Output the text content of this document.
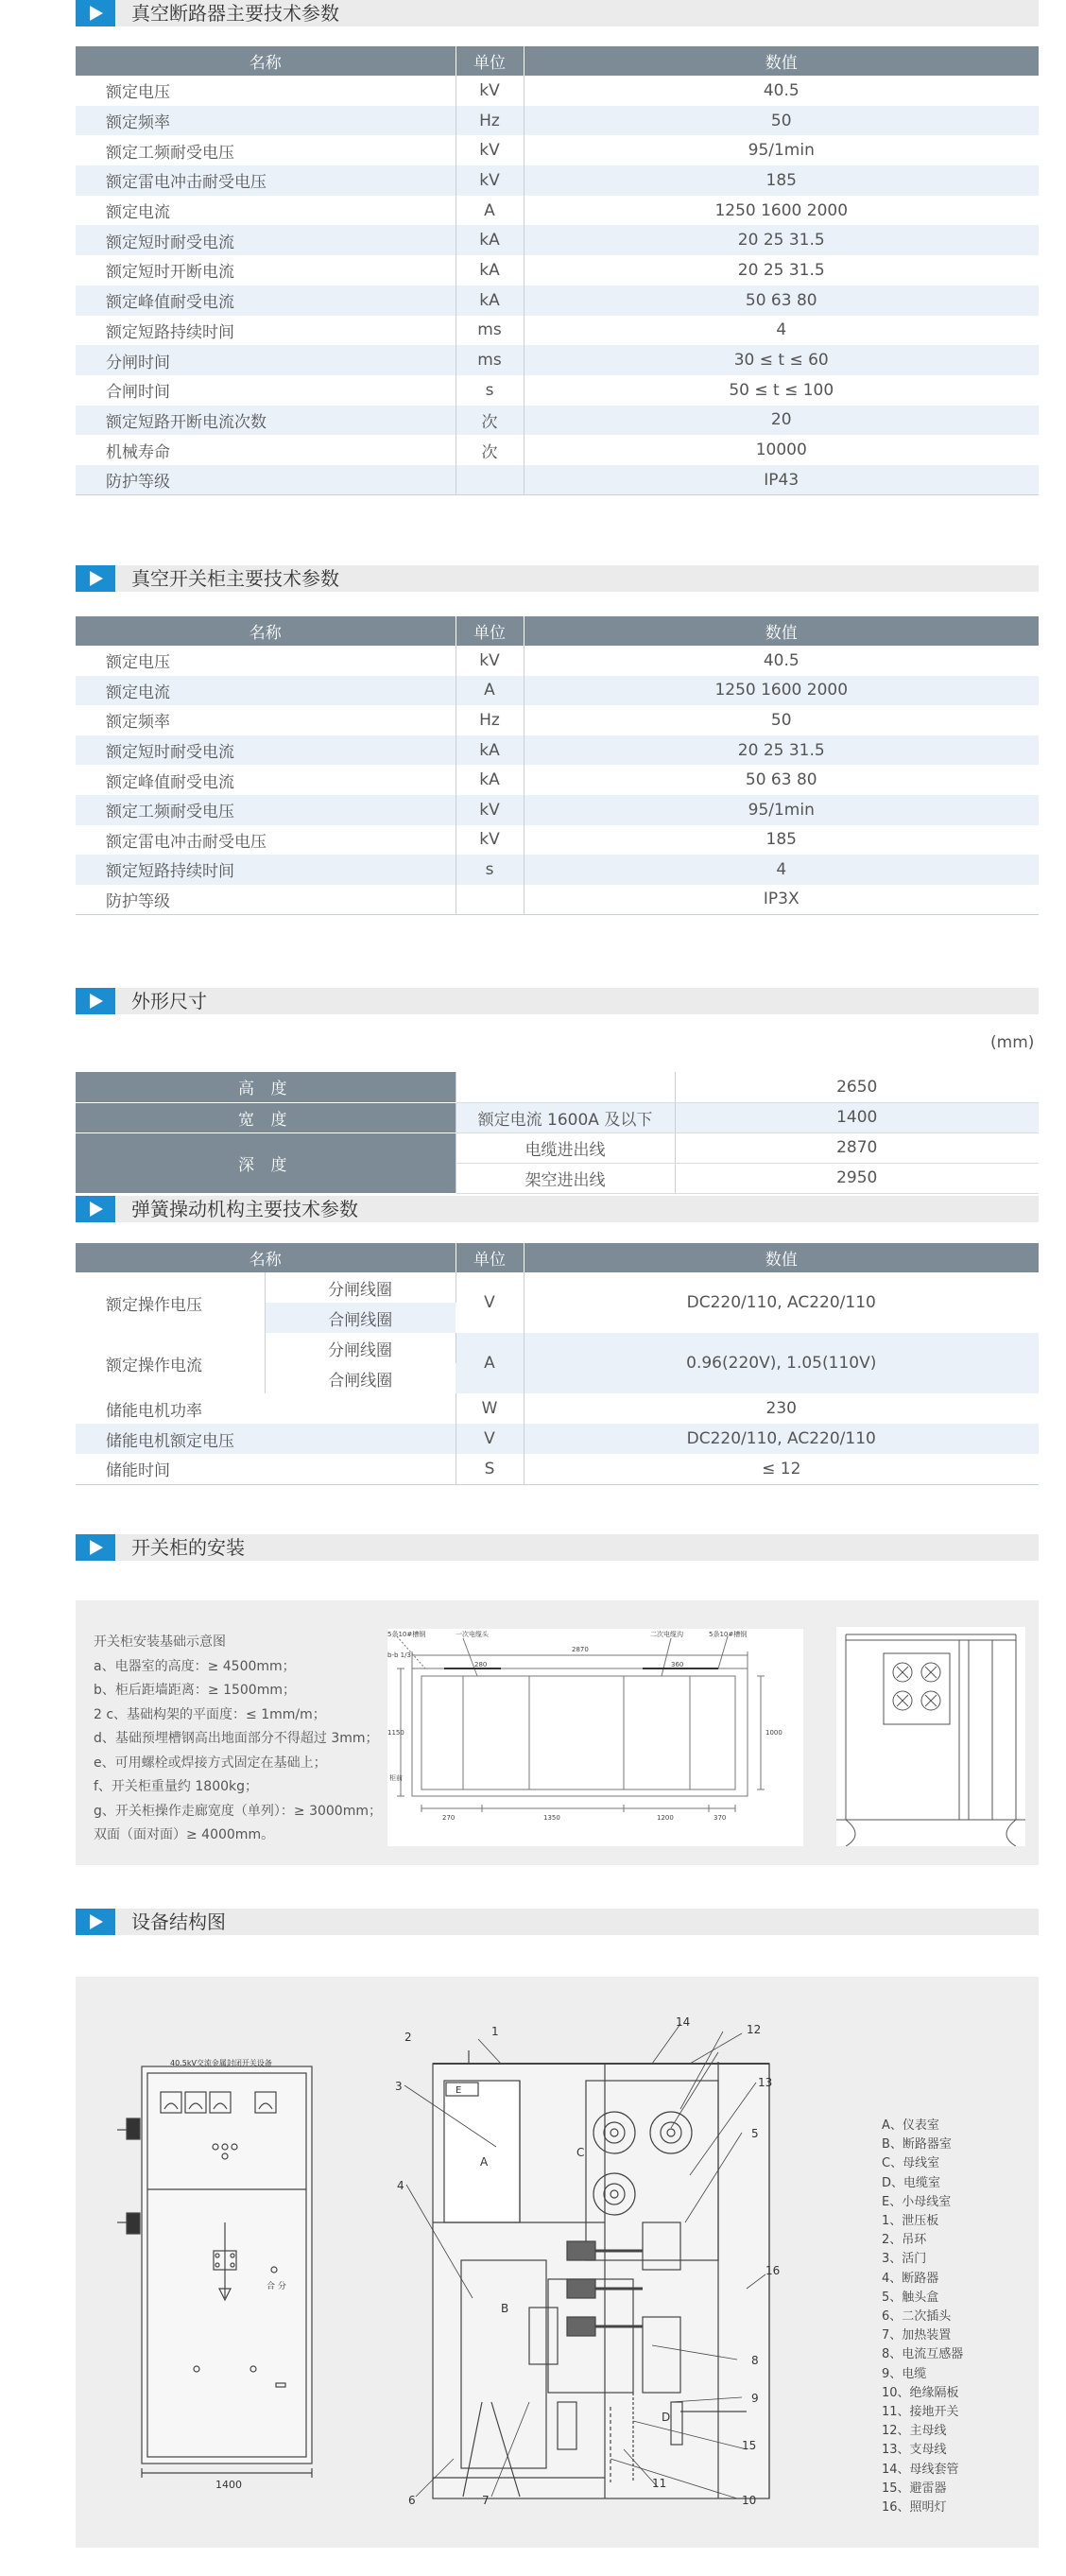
真空断路器主要技术参数
名称	单位	数值
额定电压	kV	40.5
额定频率	Hz	50
额定工频耐受电压	kV	95/1min
额定雷电冲击耐受电压	kV	185
额定电流	A	1250 1600 2000
额定短时耐受电流	kA	20 25 31.5
额定短时开断电流	kA	20 25 31.5
额定峰值耐受电流	kA	50 63 80
额定短路持续时间	ms	4
分闸时间	ms	30 ≤ t ≤ 60
合闸时间	s	50 ≤ t ≤ 100
额定短路开断电流次数	次	20
机械寿命	次	10000
防护等级		IP43
真空开关柜主要技术参数
名称	单位	数值
额定电压	kV	40.5
额定电流	A	1250 1600 2000
额定频率	Hz	50
额定短时耐受电流	kA	20 25 31.5
额定峰值耐受电流	kA	50 63 80
额定工频耐受电压	kV	95/1min
额定雷电冲击耐受电压	kV	185
额定短路持续时间	s	4
防护等级		IP3X
外形尺寸
(mm)
高 度		2650
宽 度	额定电流 1600A 及以下	1400
深 度	电缆进出线	2870
	架空进出线	2950
弹簧操动机构主要技术参数
名称		单位	数值
额定操作电压	分闸线圈	V	DC220/110, AC220/110
	合闸线圈		
额定操作电流	分闸线圈	A	0.96(220V), 1.05(110V)
	合闸线圈		
储能电机功率		W	230
储能电机额定电压		V	DC220/110, AC220/110
储能时间		S	≤ 12
开关柜的安装
开关柜安装基础示意图
a、电器室的高度：≥ 4500mm；
b、柜后距墙距离：≥ 1500mm；
2 c、基础构架的平面度：≤ 1mm/m；
d、基础预埋槽钢高出地面部分不得超过 3mm；
e、可用螺栓或焊接方式固定在基础上；
f、开关柜重量约 1800kg；
g、开关柜操作走廊宽度（单列）：≥ 3000mm；
双面（面对面）≥ 4000mm。
5条10#槽钢	一次电缆头	二次电缆沟	5条10#槽钢
2870
280	360
270	1350	1200	370
1150	1000
柜前
b-b 1/3
设备结构图
40.5kV交流金属封闭开关设备
1400
合 分
1
2
3
4
5
6	7
8
9
10
11
12
13
14
15
16
A
B
C
D
E
A、仪表室
B、断路器室
C、母线室
D、电缆室
E、小母线室
1、泄压板
2、吊环
3、活门
4、断路器
5、触头盒
6、二次插头
7、加热装置
8、电流互感器
9、电缆
10、绝缘隔板
11、接地开关
12、主母线
13、支母线
14、母线套管
15、避雷器
16、照明灯
